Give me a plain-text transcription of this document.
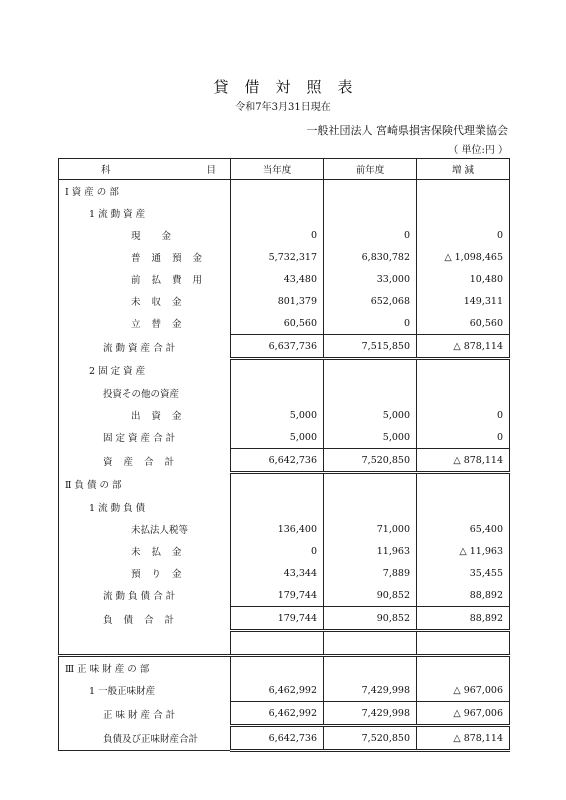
貸借対照表
令和7年3月31日現在
一般社団法人 宮崎県損害保険代理業協会
（ 単位:円 ）
科 目	当年度	前年度	増 減
Ⅰ 資 産 の 部			
1 流 動 資 産			
現 金	0	0	0
普 通 預 金	5,732,317	6,830,782	△ 1,098,465
前 払 費 用	43,480	33,000	10,480
未 収 金	801,379	652,068	149,311
立 替 金	60,560	0	60,560
流 動 資 産 合 計	6,637,736	7,515,850	△ 878,114
2 固 定 資 産			
投資その他の資産			
出 資 金	5,000	5,000	0
固 定 資 産 合 計	5,000	5,000	0
資 産 合 計	6,642,736	7,520,850	△ 878,114
Ⅱ 負 債 の 部			
1 流 動 負 債			
未払法人税等	136,400	71,000	65,400
未 払 金	0	11,963	△ 11,963
預 り 金	43,344	7,889	35,455
流 動 負 債 合 計	179,744	90,852	88,892
負 債 合 計	179,744	90,852	88,892

Ⅲ 正 味 財 産 の 部			
1 一般正味財産	6,462,992	7,429,998	△ 967,006
正 味 財 産 合 計	6,462,992	7,429,998	△ 967,006
負債及び正味財産合計	6,642,736	7,520,850	△ 878,114
